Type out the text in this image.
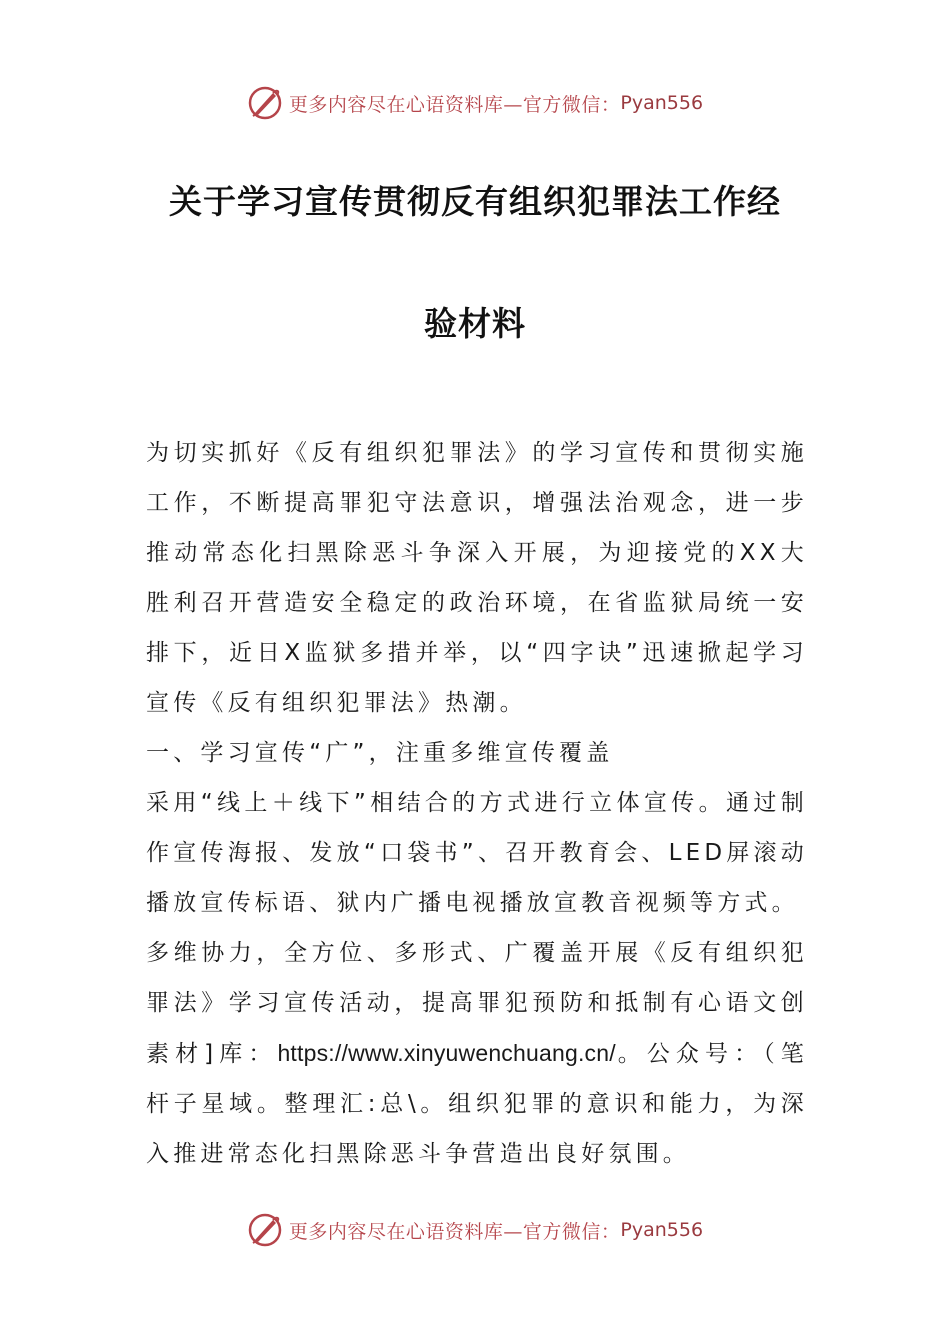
更多内容尽在心语资料库—官方微信： Pyan556
关于学习宣传贯彻反有组织犯罪法工作经
验材料

为切实抓好《反有组织犯罪法》的学习宣传和贯彻实施工作，不断提高罪犯守法意识，增强法治观念，进一步推动常态化扫黑除恶斗争深入开展，为迎接党的XX大胜利召开营造安全稳定的政治环境，在省监狱局统一安排下，近日X监狱多措并举，以“四字诀”迅速掀起学习宣传《反有组织犯罪法》热潮。

一、学习宣传“广”，注重多维宣传覆盖

采用“线上＋线下”相结合的方式进行立体宣传。通过制作宣传海报、发放“口袋书”、召开教育会、LED屏滚动播放宣传标语、狱内广播电视播放宣教音视频等方式。

多维协力，全方位、多形式、广覆盖开展《反有组织犯罪法》学习宣传活动，提高罪犯预防和抵制有心语文创素材]库：https://www.xinyuwenchuang.cn/。公众号：（笔杆子星域。整理汇:总\。组织犯罪的意识和能力，为深入推进常态化扫黑除恶斗争营造出良好氛围。

更多内容尽在心语资料库—官方微信： Pyan556
